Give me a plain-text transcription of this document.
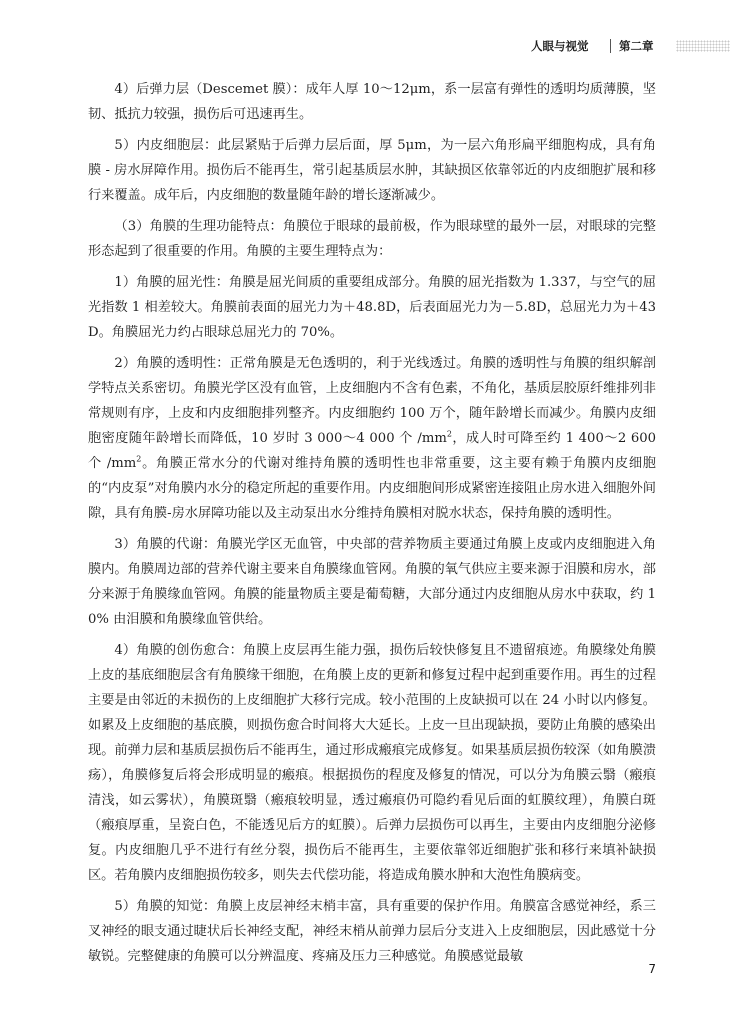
人眼与视觉	第二章

4）后弹力层（Descemet 膜）：成年人厚 10～12μm，系一层富有弹性的透明均质薄膜，坚韧、抵抗力较强，损伤后可迅速再生。

5）内皮细胞层：此层紧贴于后弹力层后面，厚 5μm，为一层六角形扁平细胞构成，具有角膜 - 房水屏障作用。损伤后不能再生，常引起基质层水肿，其缺损区依靠邻近的内皮细胞扩展和移行来覆盖。成年后，内皮细胞的数量随年龄的增长逐渐减少。

（3）角膜的生理功能特点：角膜位于眼球的最前极，作为眼球壁的最外一层，对眼球的完整形态起到了很重要的作用。角膜的主要生理特点为：

1）角膜的屈光性：角膜是屈光间质的重要组成部分。角膜的屈光指数为 1.337，与空气的屈光指数 1 相差较大。角膜前表面的屈光力为＋48.8D，后表面屈光力为－5.8D，总屈光力为＋43D。角膜屈光力约占眼球总屈光力的 70%。

2）角膜的透明性：正常角膜是无色透明的，利于光线透过。角膜的透明性与角膜的组织解剖学特点关系密切。角膜光学区没有血管，上皮细胞内不含有色素，不角化，基质层胶原纤维排列非常规则有序，上皮和内皮细胞排列整齐。内皮细胞约 100 万个，随年龄增长而减少。角膜内皮细胞密度随年龄增长而降低，10 岁时 3 000～4 000 个 $/mm^2$，成人时可降至约 1 400～2 600 个 $/mm^2$。角膜正常水分的代谢对维持角膜的透明性也非常重要，这主要有赖于角膜内皮细胞的“内皮泵”对角膜内水分的稳定所起的重要作用。内皮细胞间形成紧密连接阻止房水进入细胞外间隙，具有角膜-房水屏障功能以及主动泵出水分维持角膜相对脱水状态，保持角膜的透明性。

3）角膜的代谢：角膜光学区无血管，中央部的营养物质主要通过角膜上皮或内皮细胞进入角膜内。角膜周边部的营养代谢主要来自角膜缘血管网。角膜的氧气供应主要来源于泪膜和房水，部分来源于角膜缘血管网。角膜的能量物质主要是葡萄糖，大部分通过内皮细胞从房水中获取，约 10% 由泪膜和角膜缘血管供给。

4）角膜的创伤愈合：角膜上皮层再生能力强，损伤后较快修复且不遗留痕迹。角膜缘处角膜上皮的基底细胞层含有角膜缘干细胞，在角膜上皮的更新和修复过程中起到重要作用。再生的过程主要是由邻近的未损伤的上皮细胞扩大移行完成。较小范围的上皮缺损可以在 24 小时以内修复。如累及上皮细胞的基底膜，则损伤愈合时间将大大延长。上皮一旦出现缺损，要防止角膜的感染出现。前弹力层和基质层损伤后不能再生，通过形成瘢痕完成修复。如果基质层损伤较深（如角膜溃疡），角膜修复后将会形成明显的瘢痕。根据损伤的程度及修复的情况，可以分为角膜云翳（瘢痕清浅，如云雾状），角膜斑翳（瘢痕较明显，透过瘢痕仍可隐约看见后面的虹膜纹理），角膜白斑（瘢痕厚重，呈瓷白色，不能透见后方的虹膜）。后弹力层损伤可以再生，主要由内皮细胞分泌修复。内皮细胞几乎不进行有丝分裂，损伤后不能再生，主要依靠邻近细胞扩张和移行来填补缺损区。若角膜内皮细胞损伤较多，则失去代偿功能，将造成角膜水肿和大泡性角膜病变。

5）角膜的知觉：角膜上皮层神经末梢丰富，具有重要的保护作用。角膜富含感觉神经，系三叉神经的眼支通过睫状后长神经支配，神经末梢从前弹力层后分支进入上皮细胞层，因此感觉十分敏锐。完整健康的角膜可以分辨温度、疼痛及压力三种感觉。角膜感觉最敏

7
